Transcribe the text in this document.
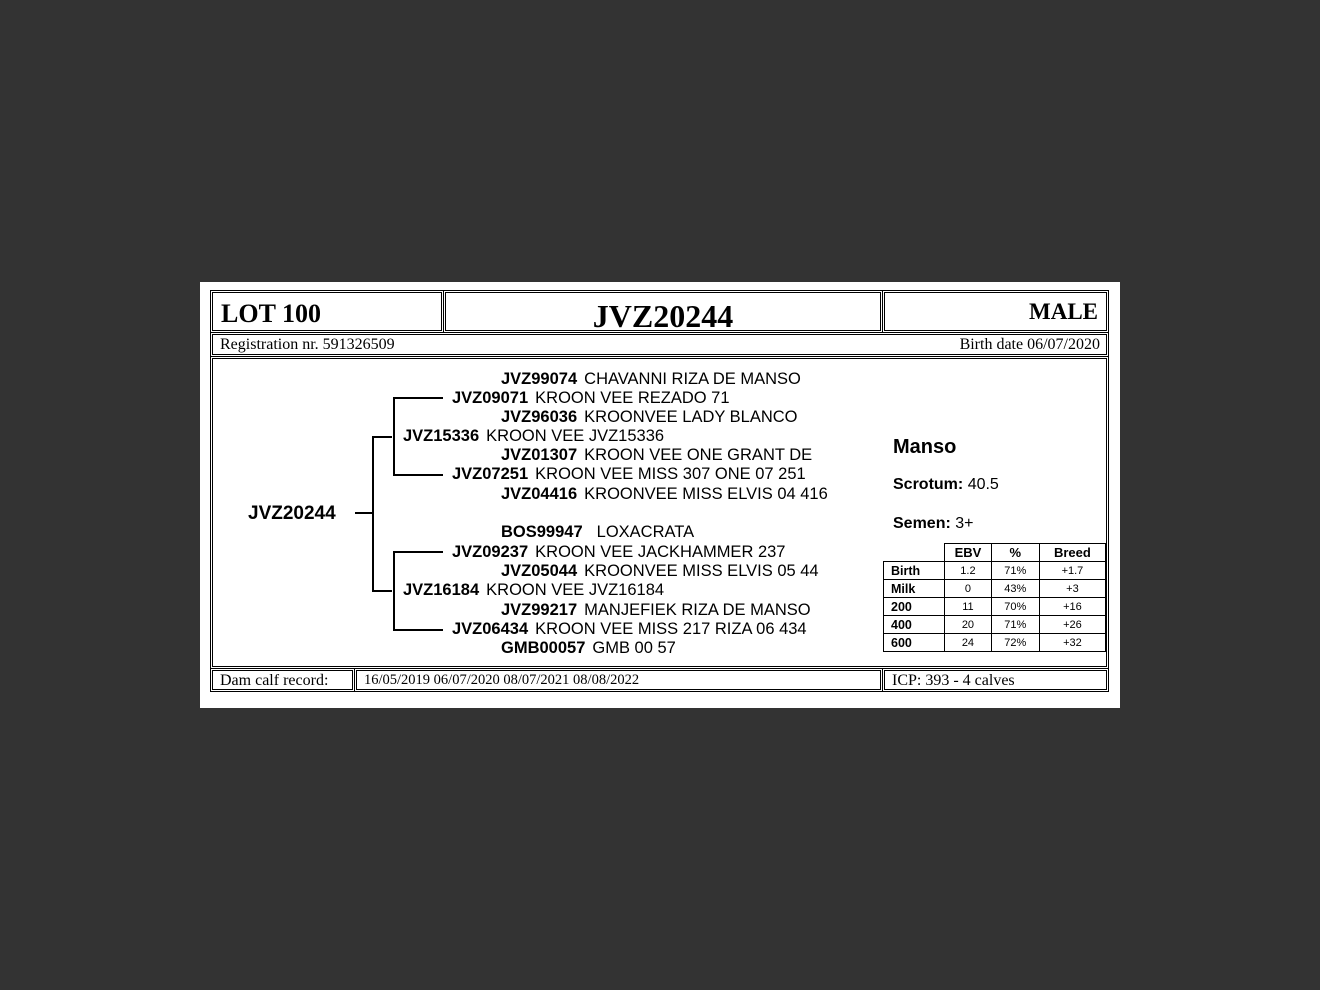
LOT 100	JVZ20244	MALE
Registration nr. 591326509	Birth date 06/07/2020
JVZ20244
JVZ99074 CHAVANNI RIZA DE MANSO
JVZ09071 KROON VEE REZADO 71
JVZ96036 KROONVEE LADY BLANCO
JVZ15336 KROON VEE JVZ15336
JVZ01307 KROON VEE ONE GRANT DE
JVZ07251 KROON VEE MISS 307 ONE 07 251
JVZ04416 KROONVEE MISS ELVIS 04 416
BOS99947 LOXACRATA
JVZ09237 KROON VEE JACKHAMMER 237
JVZ05044 KROONVEE MISS ELVIS 05 44
JVZ16184 KROON VEE JVZ16184
JVZ99217 MANJEFIEK RIZA DE MANSO
JVZ06434 KROON VEE MISS 217 RIZA 06 434
GMB00057 GMB 00 57
Manso
Scrotum: 40.5
Semen: 3+
	EBV	%	Breed
Birth	1.2	71%	+1.7
Milk	0	43%	+3
200	11	70%	+16
400	20	71%	+26
600	24	72%	+32
Dam calf record: 16/05/2019 06/07/2020 08/07/2021 08/08/2022	ICP: 393 - 4 calves
